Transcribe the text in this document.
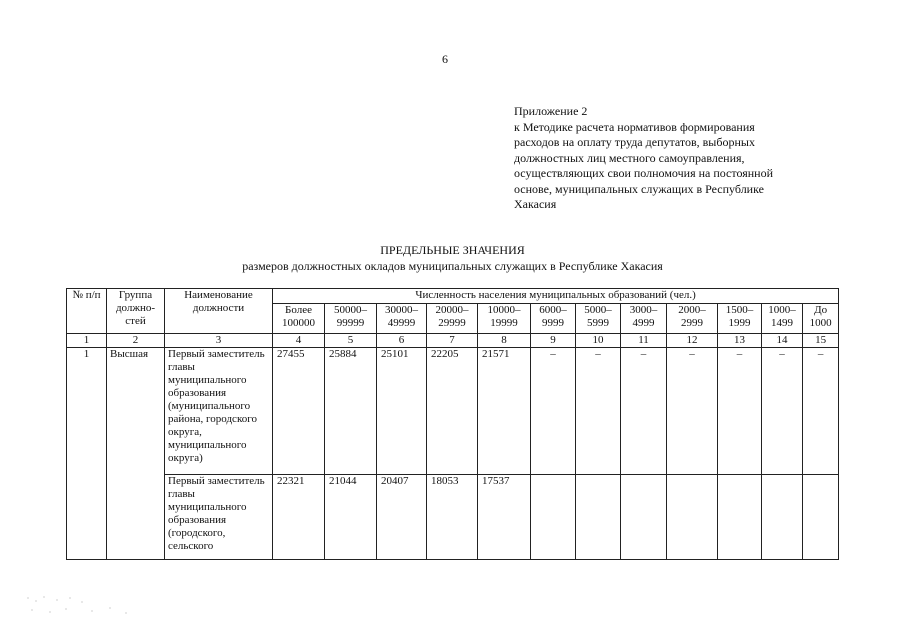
6
Приложение 2
к Методике расчета нормативов формирования
расходов на оплату труда депутатов, выборных
должностных лиц местного самоуправления,
осуществляющих свои полномочия на постоянной
основе, муниципальных служащих в Республике
Хакасия
ПРЕДЕЛЬНЫЕ ЗНАЧЕНИЯ
размеров должностных окладов муниципальных служащих в Республике Хакасия
№ п/п	Группа должностей	Наименование должности	Численность населения муниципальных образований (чел.)											
			Более 100000	50000– 99999	30000– 49999	20000– 29999	10000– 19999	6000– 9999	5000– 5999	3000– 4999	2000– 2999	1500– 1999	1000– 1499	До 1000
1	2	3	4	5	6	7	8	9	10	11	12	13	14	15
1	Высшая	Первый заместитель главы муниципального образования (муниципального района, городского округа, муниципального округа)	27455	25884	25101	22205	21571	–	–	–	–	–	–	–
		Первый заместитель главы муниципального образования (городского, сельского	22321	21044	20407	18053	17537							
